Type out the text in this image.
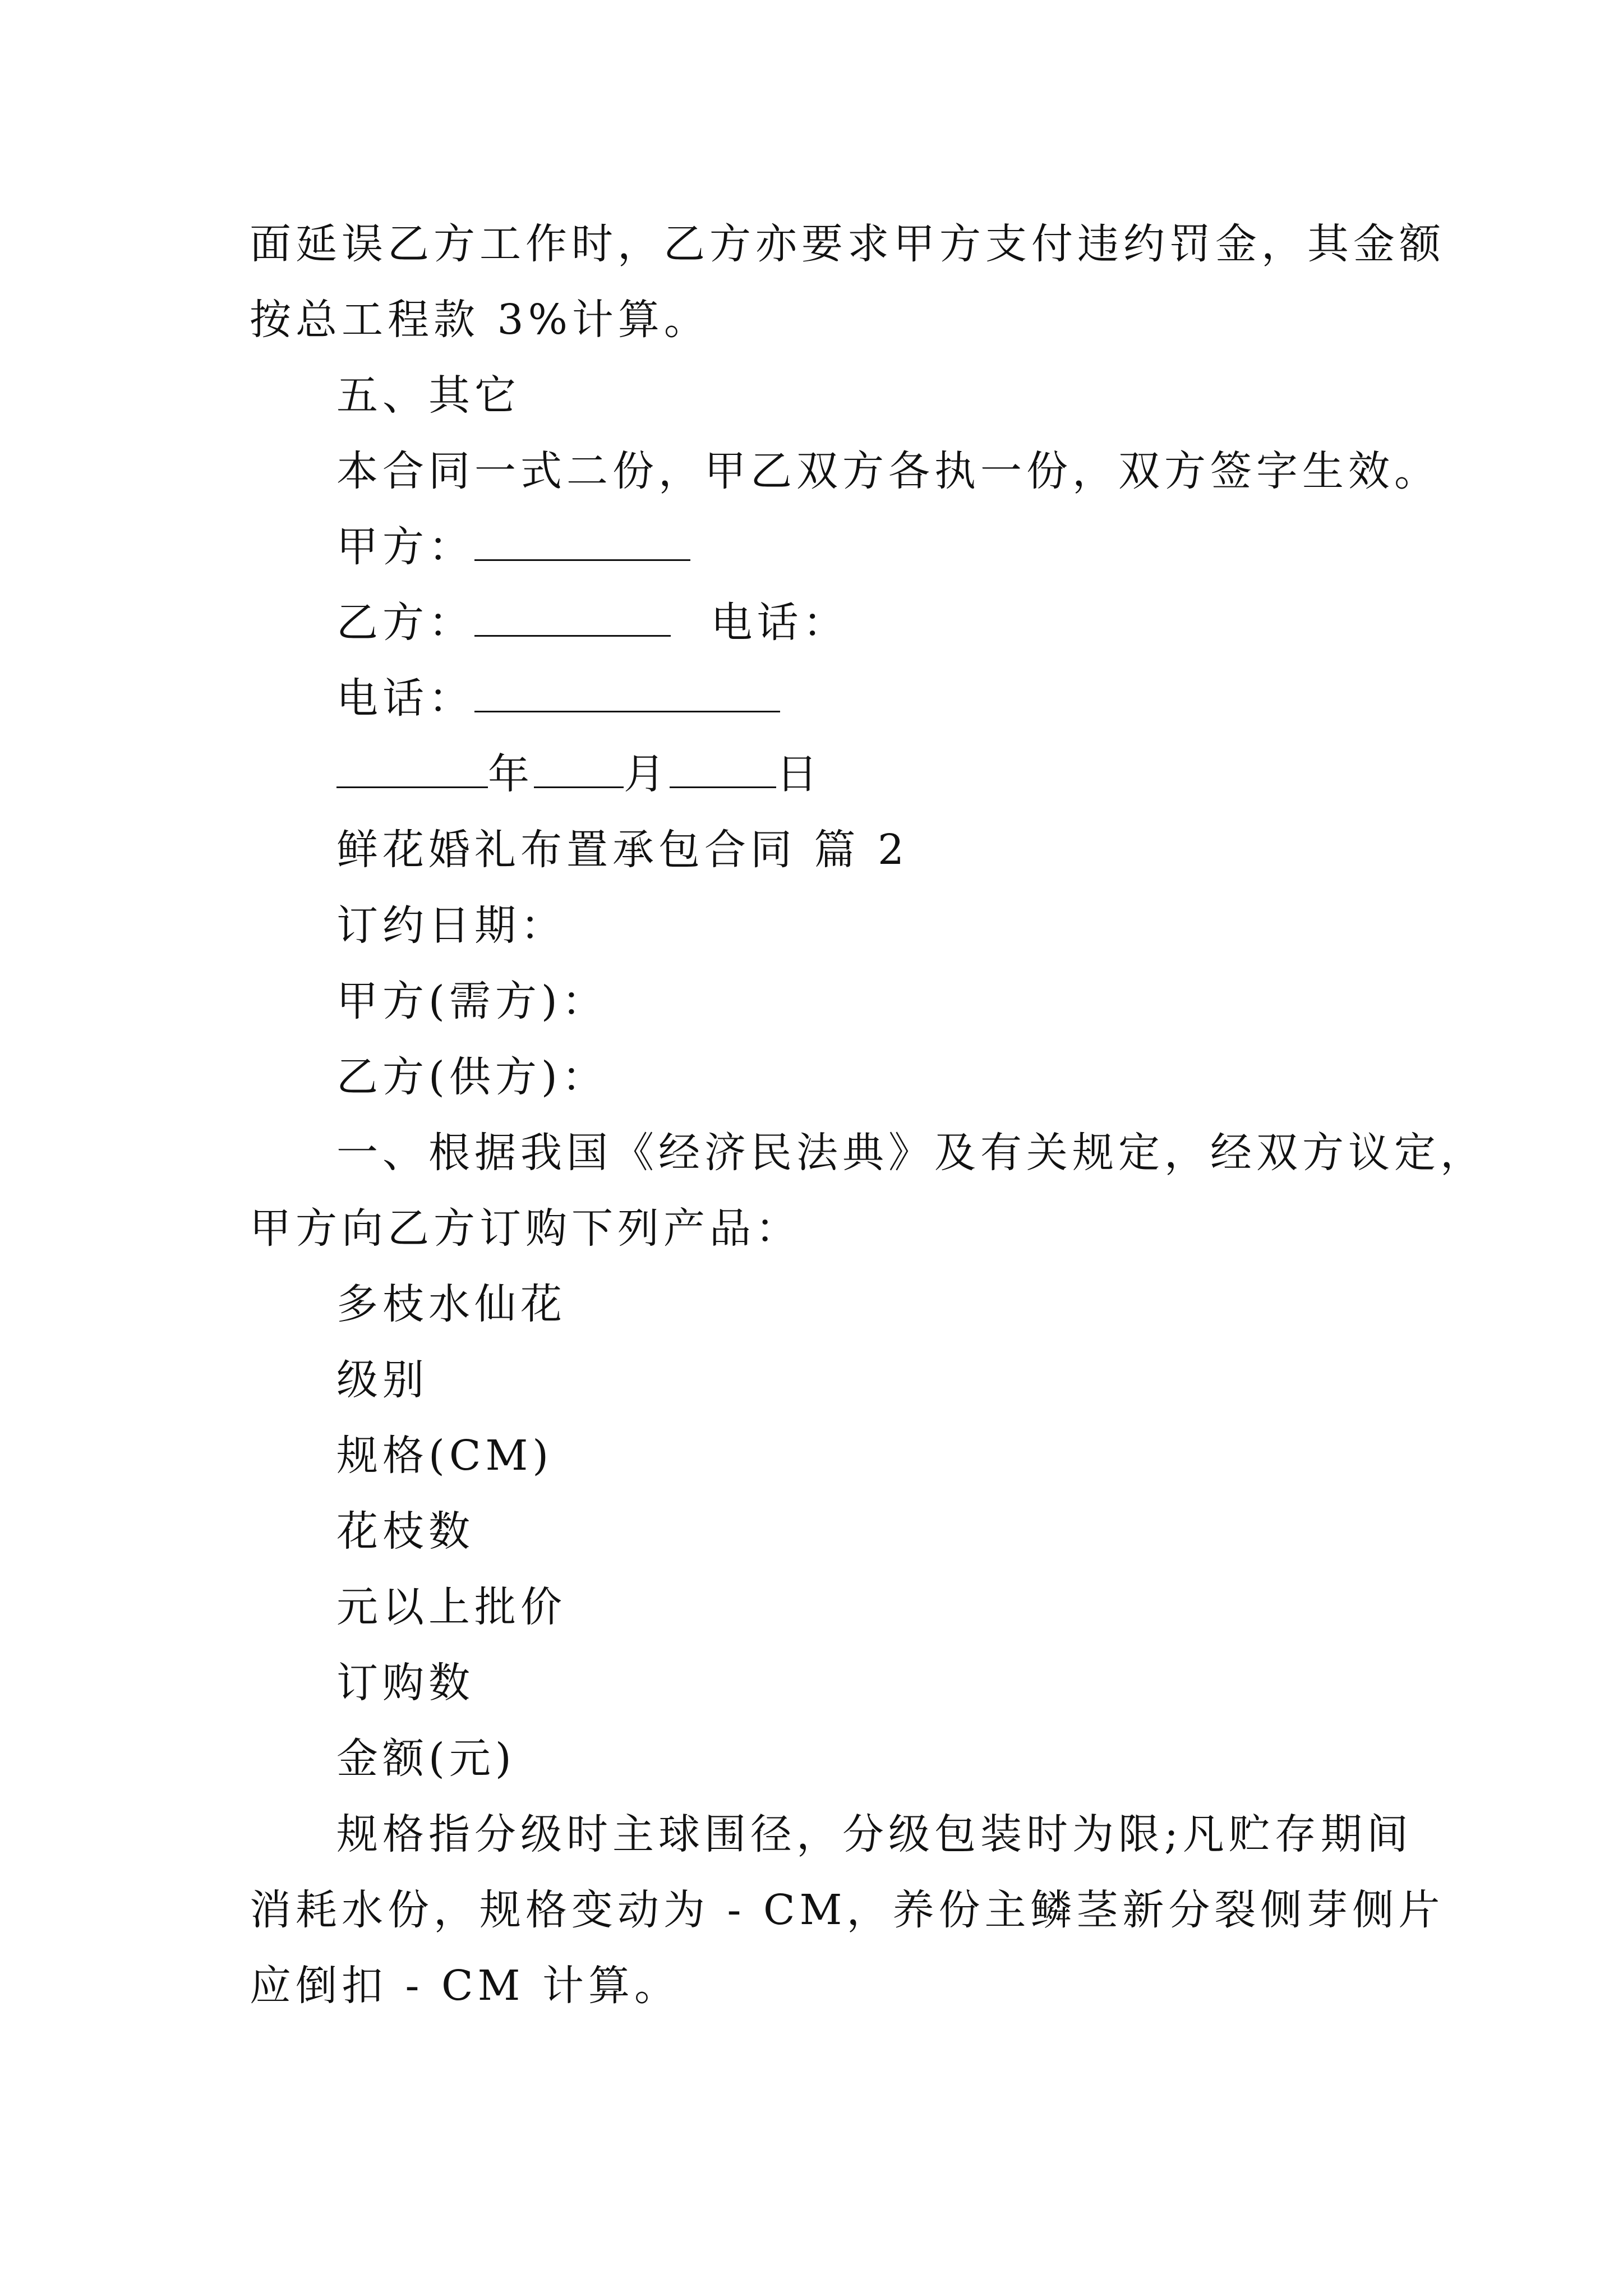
面延误乙方工作时，乙方亦要求甲方支付违约罚金，其金额
按总工程款 3%计算。
五、其它
本合同一式二份，甲乙双方各执一份，双方签字生效。
甲方：
乙方：	电话：
电话：
年 月	日
鲜花婚礼布置承包合同 篇 2
订约日期：
甲方(需方)：
乙方(供方)：
一、根据我国《经济民法典》及有关规定，经双方议定，
甲方向乙方订购下列产品：
多枝水仙花
级别
规格(CM)
花枝数
元以上批价
订购数
金额(元)
规格指分级时主球围径，分级包装时为限;凡贮存期间
消耗水份，规格变动为 - CM，养份主鳞茎新分裂侧芽侧片
应倒扣 - CM 计算。
